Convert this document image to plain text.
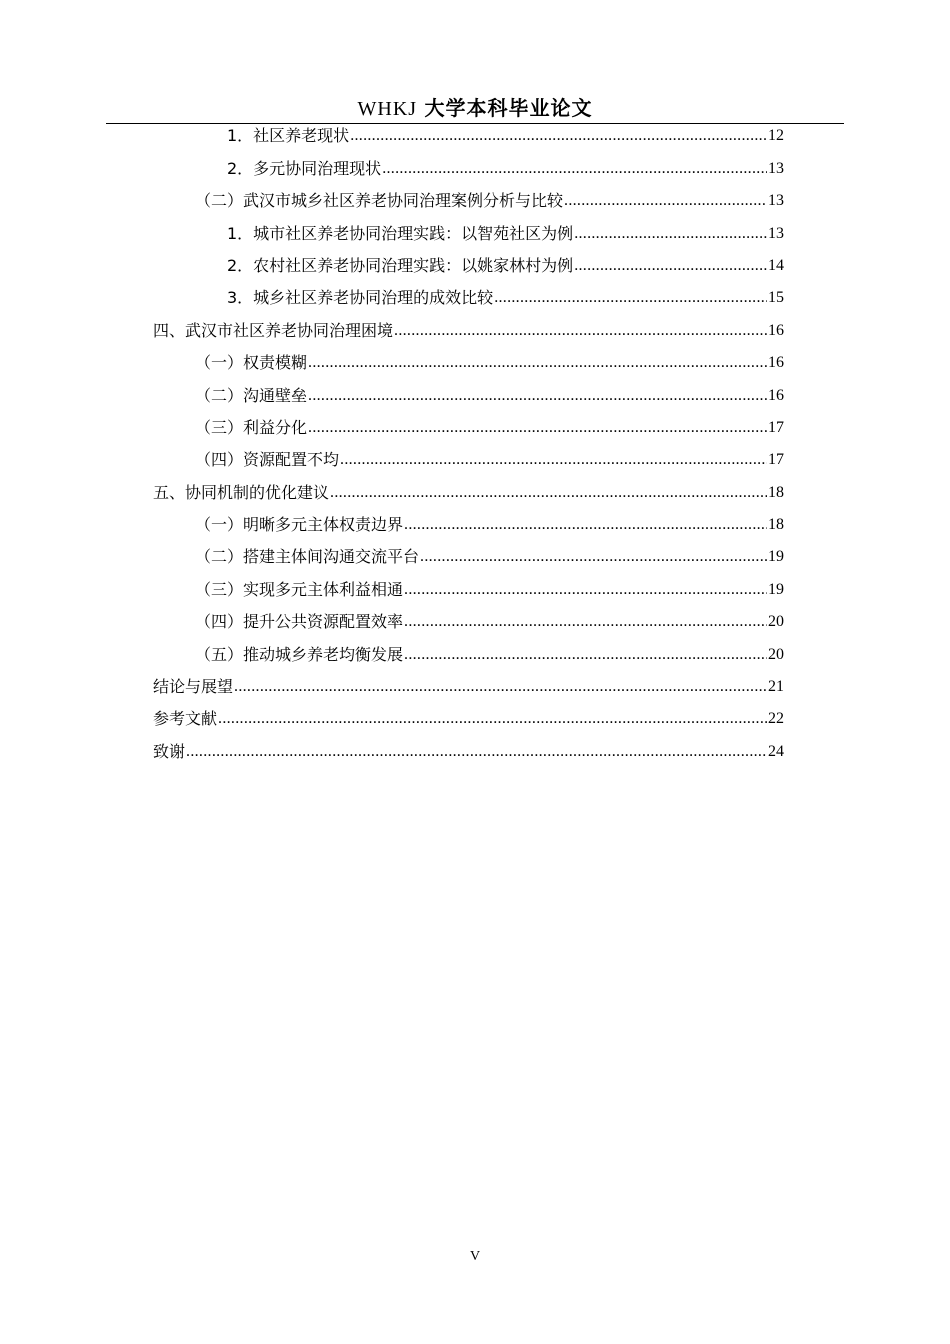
WHKJ 大学本科毕业论文
1．社区养老现状 .....	12
2．多元协同治理现状 .....	13
（二）武汉市城乡社区养老协同治理案例分析与比较 .....	13
1．城市社区养老协同治理实践：以智苑社区为例 .....	13
2．农村社区养老协同治理实践：以姚家林村为例 .....	14
3．城乡社区养老协同治理的成效比较 .....	15
四、武汉市社区养老协同治理困境 .....	16
（一）权责模糊 .....	16
（二）沟通壁垒 .....	16
（三）利益分化 .....	17
（四）资源配置不均 .....	17
五、协同机制的优化建议 .....	18
（一）明晰多元主体权责边界 .....	18
（二）搭建主体间沟通交流平台 .....	19
（三）实现多元主体利益相通 .....	19
（四）提升公共资源配置效率 .....	20
（五）推动城乡养老均衡发展 .....	20
结论与展望 .....	21
参考文献 .....	22
致谢 .....	24
V
